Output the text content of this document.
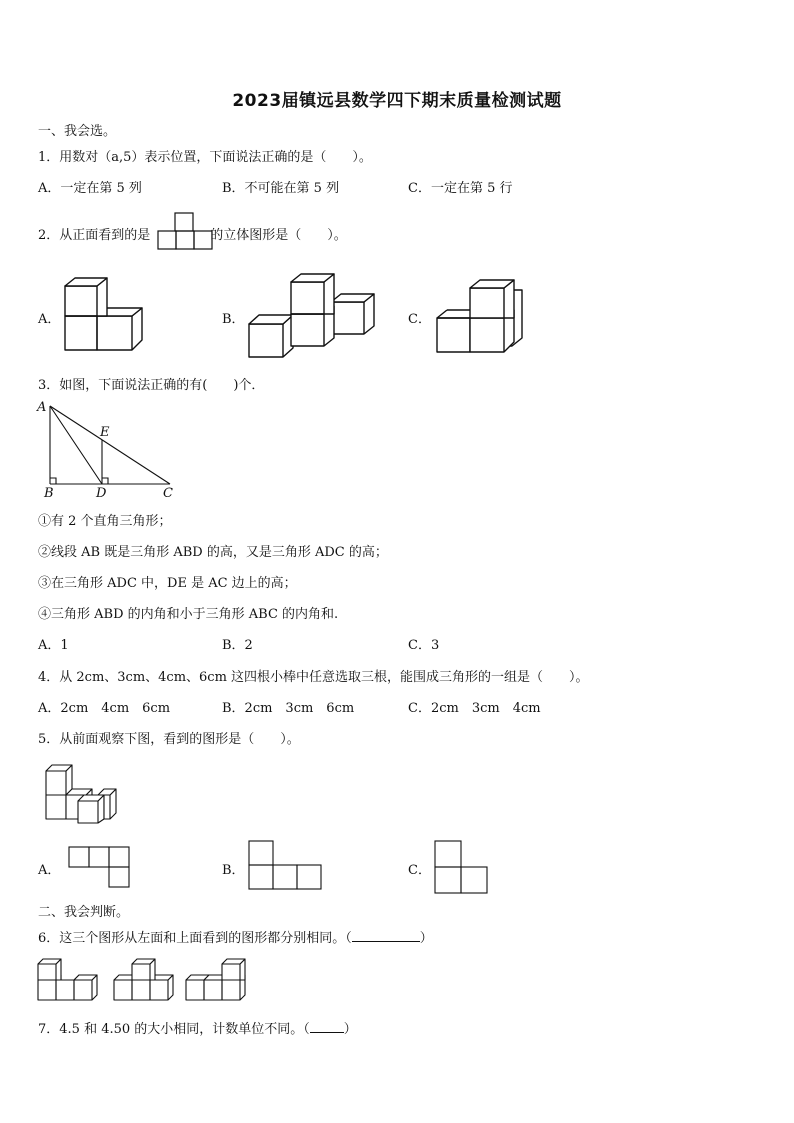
2023届镇远县数学四下期末质量检测试题
一、我会选。
1．用数对（a,5）表示位置，下面说法正确的是（　　）。
A．一定在第 5 列	B．不可能在第 5 列	C．一定在第 5 行
2．从正面看到的是	的立体图形是（　　）。
A．	B．	C．
3．如图，下面说法正确的有(　　)个．
A
E
B	D	C
①有 2 个直角三角形；
②线段 AB 既是三角形 ABD 的高，又是三角形 ADC 的高；
③在三角形 ADC 中，DE 是 AC 边上的高；
④三角形 ABD 的内角和小于三角形 ABC 的内角和.
A．1	B．2	C．3
4．从 2cm、3cm、4cm、6cm 这四根小棒中任意选取三根，能围成三角形的一组是（　　）。
A．2cm　4cm　6cm	B．2cm　3cm　6cm	C．2cm　3cm　4cm
5．从前面观察下图，看到的图形是（　　）。
A．	B．	C．
二、我会判断。
6．这三个图形从左面和上面看到的图形都分别相同。（	）
7．4.5 和 4.50 的大小相同，计数单位不同。（	）
